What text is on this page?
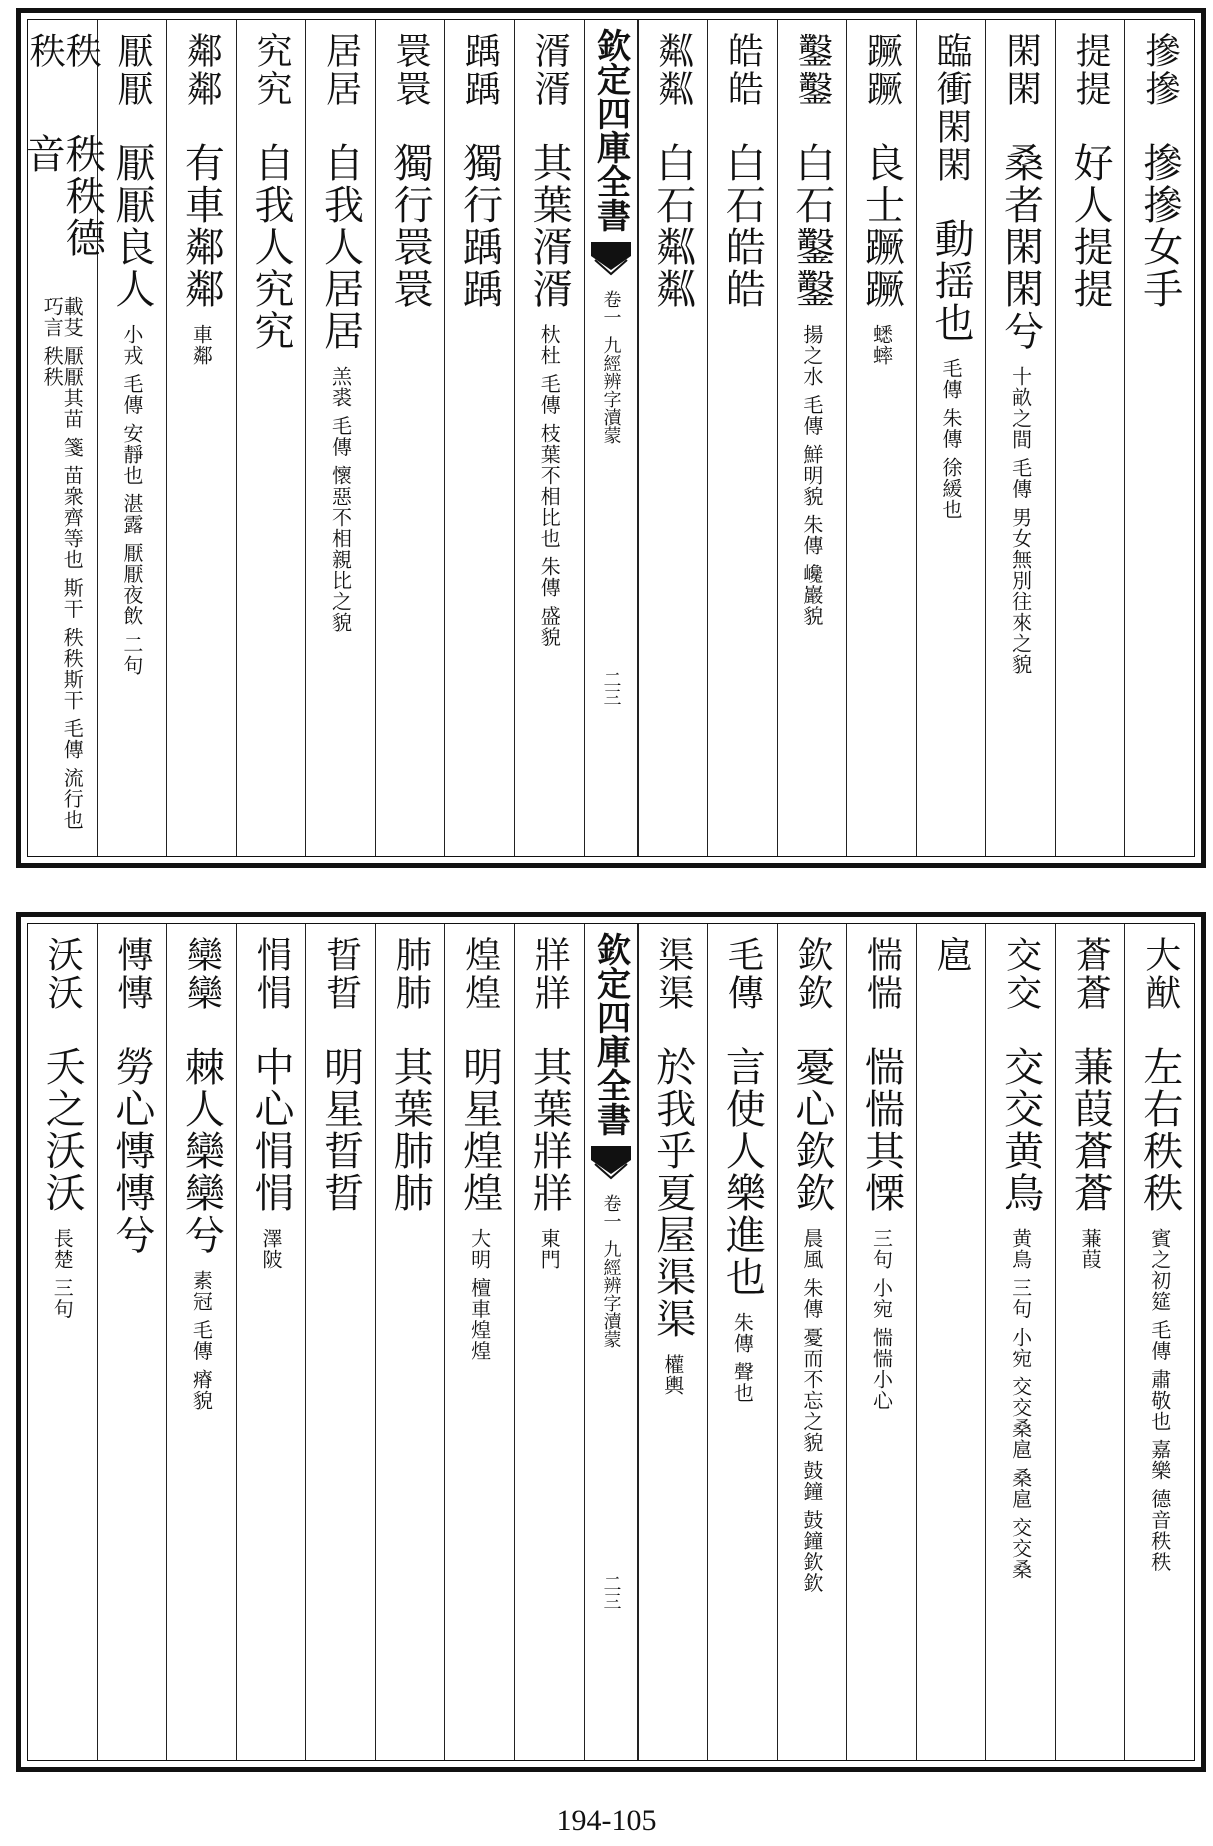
摻摻
摻摻女手
提提
好人提提
閑閑
桑者閑閑兮
十畝之間 毛傳 男女無別往來之貌
臨衝閑閑
動揺也
毛傳 朱傳 徐緩也
蹶蹶
良士蹶蹶
蟋蟀
鑿鑿
白石鑿鑿
揚之水 毛傳 鮮明貌 朱傳 巉巖貌
皓皓
白石皓皓
粼粼
白石粼粼
欽定四庫全書
卷一
九經辨字瀆蒙
二三
湑湑
其葉湑湑
杕杜 毛傳 枝葉不相比也 朱傳 盛貌
踽踽
獨行踽踽
睘睘
獨行睘睘
居居
自我人居居
羔裘 毛傳 懷惡不相親比之貌
究究
自我人究究
鄰鄰
有車鄰鄰
車鄰
厭厭
厭厭良人
小戎 毛傳 安靜也 湛露 厭厭夜飲 二句
秩秩
秩秩德音
載芟 厭厭其苗 箋 苗衆齊等也 斯干 秩秩斯干 毛傳 流行也 巧言 秩秩
大猷
左右秩秩
賓之初筵 毛傳 肅敬也 嘉樂 德音秩秩
蒼蒼
蒹葭蒼蒼
蒹葭
交交
交交黄鳥
黄鳥 三句 小宛 交交桑扈 桑扈 交交桑
扈
惴惴
惴惴其慄
三句 小宛 惴惴小心
欽欽
憂心欽欽
晨風 朱傳 憂而不忘之貌 鼓鐘 鼓鐘欽欽
毛傳
言使人樂進也
朱傳 聲也
渠渠
於我乎夏屋渠渠
權輿
欽定四庫全書
卷一
九經辨字瀆蒙
二三
牂牂
其葉牂牂
東門
煌煌
明星煌煌
大明 檀車煌煌
肺肺
其葉肺肺
晢晢
明星晢晢
悁悁
中心悁悁
澤陂
欒欒
棘人欒欒兮
素冠 毛傳 瘠貌
慱慱
勞心慱慱兮
沃沃
夭之沃沃
長楚 三句
194-105
